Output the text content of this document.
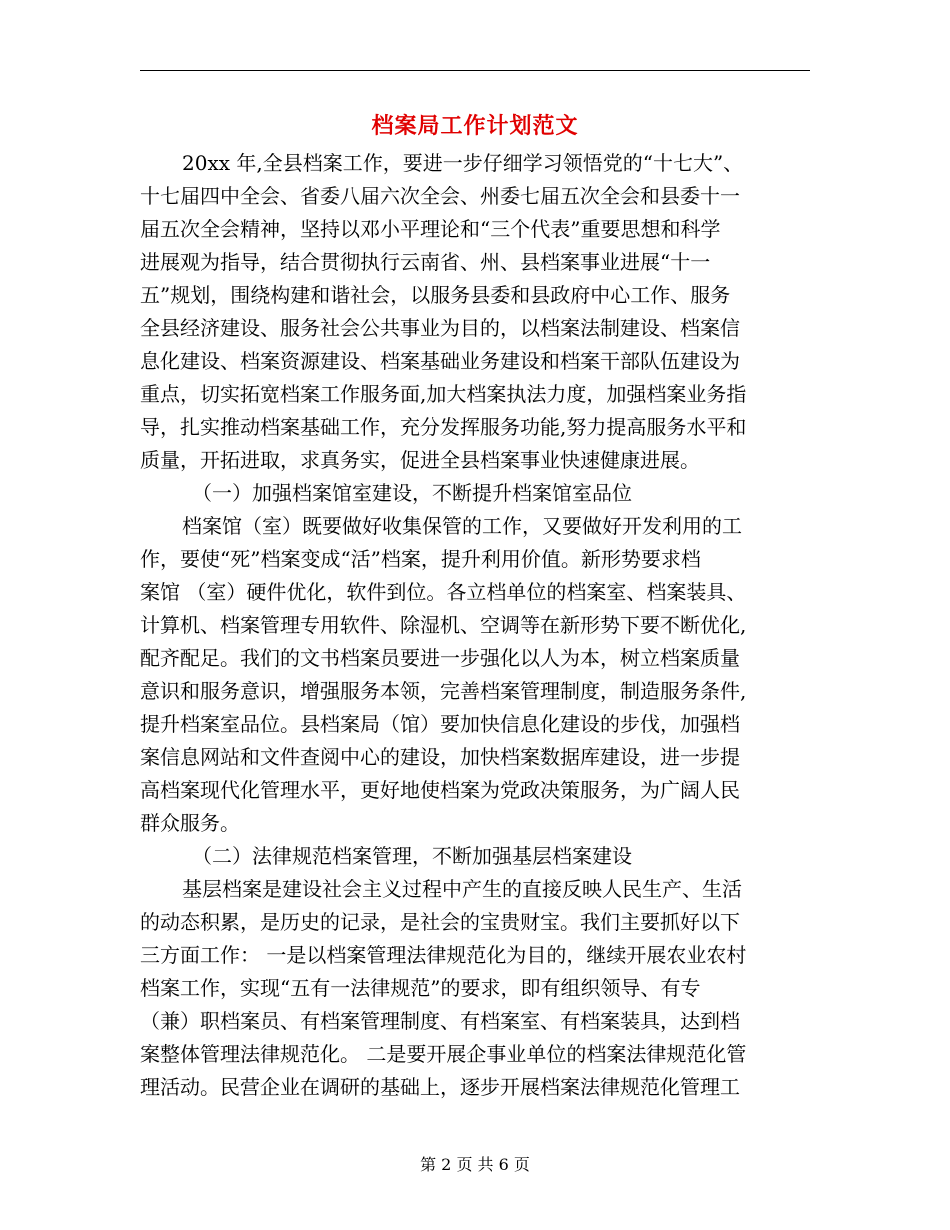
档案局工作计划范文

20xx 年,全县档案工作，要进一步仔细学习领悟党的“十七大”、

十七届四中全会、省委八届六次全会、州委七届五次全会和县委十一

届五次全会精神，坚持以邓小平理论和“三个代表”重要思想和科学

进展观为指导，结合贯彻执行云南省、州、县档案事业进展“十一

五”规划，围绕构建和谐社会，以服务县委和县政府中心工作、服务

全县经济建设、服务社会公共事业为目的，以档案法制建设、档案信

息化建设、档案资源建设、档案基础业务建设和档案干部队伍建设为

重点，切实拓宽档案工作服务面,加大档案执法力度，加强档案业务指

导，扎实推动档案基础工作，充分发挥服务功能,努力提高服务水平和

质量，开拓进取，求真务实，促进全县档案事业快速健康进展。

（一）加强档案馆室建设，不断提升档案馆室品位

档案馆（室）既要做好收集保管的工作，又要做好开发利用的工

作，要使“死”档案变成“活”档案，提升利用价值。新形势要求档

案馆 （室）硬件优化，软件到位。各立档单位的档案室、档案装具、

计算机、档案管理专用软件、除湿机、空调等在新形势下要不断优化,

配齐配足。我们的文书档案员要进一步强化以人为本，树立档案质量

意识和服务意识，增强服务本领，完善档案管理制度，制造服务条件,

提升档案室品位。县档案局（馆）要加快信息化建设的步伐，加强档

案信息网站和文件查阅中心的建设，加快档案数据库建设，进一步提

高档案现代化管理水平，更好地使档案为党政决策服务，为广阔人民

群众服务。

（二）法律规范档案管理，不断加强基层档案建设

基层档案是建设社会主义过程中产生的直接反映人民生产、生活

的动态积累，是历史的记录，是社会的宝贵财宝。我们主要抓好以下

三方面工作： 一是以档案管理法律规范化为目的，继续开展农业农村

档案工作，实现“五有一法律规范”的要求，即有组织领导、有专

（兼）职档案员、有档案管理制度、有档案室、有档案装具，达到档

案整体管理法律规范化。 二是要开展企事业单位的档案法律规范化管

理活动。民营企业在调研的基础上，逐步开展档案法律规范化管理工

第 2 页 共 6 页
